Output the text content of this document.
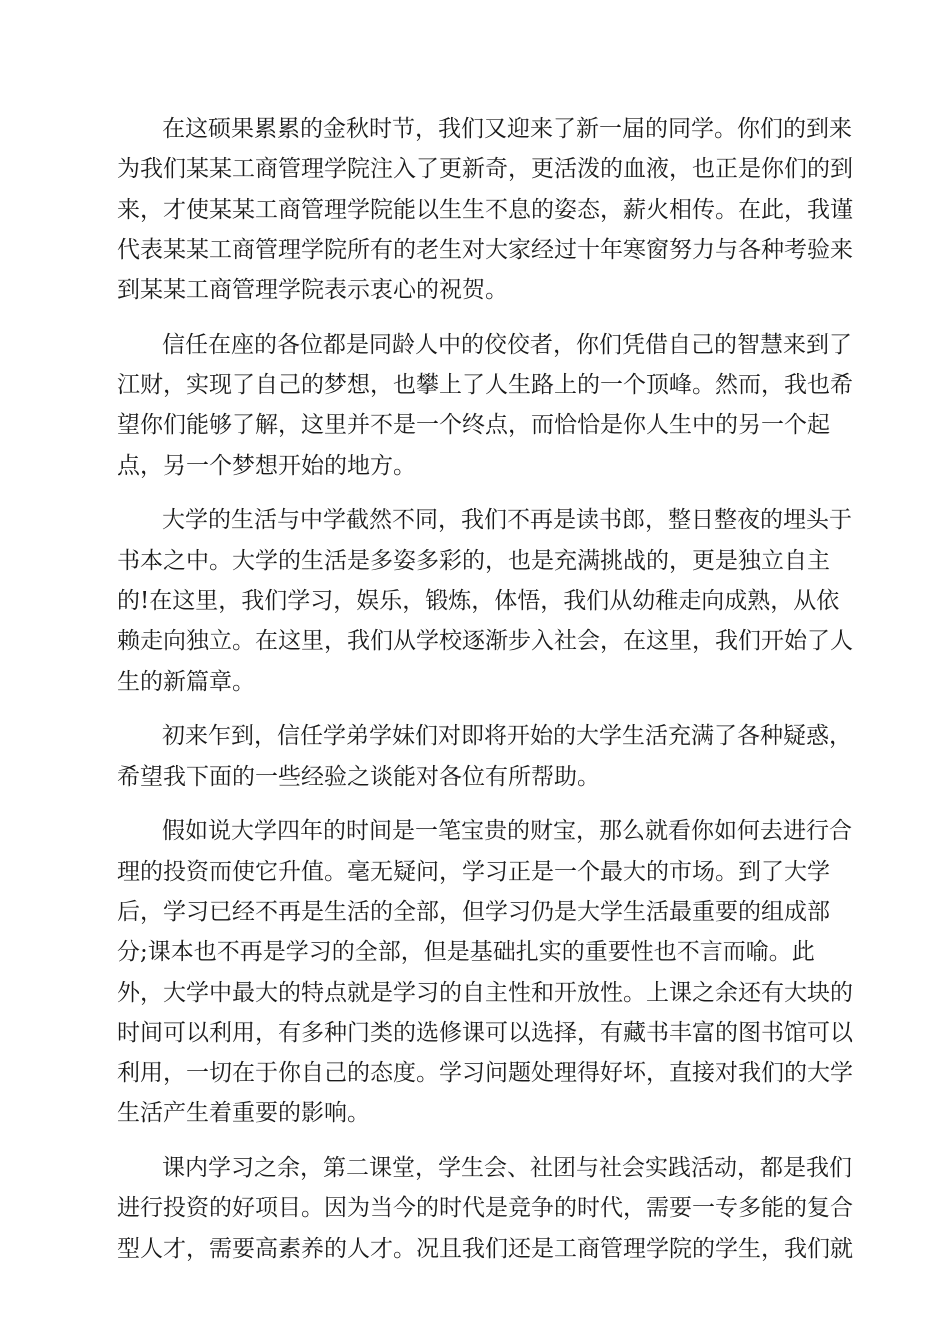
在这硕果累累的金秋时节，我们又迎来了新一届的同学。你们的到来
为我们某某工商管理学院注入了更新奇，更活泼的血液，也正是你们的到
来，才使某某工商管理学院能以生生不息的姿态，薪火相传。在此，我谨
代表某某工商管理学院所有的老生对大家经过十年寒窗努力与各种考验来
到某某工商管理学院表示衷心的祝贺。
信任在座的各位都是同龄人中的佼佼者，你们凭借自己的智慧来到了
江财，实现了自己的梦想，也攀上了人生路上的一个顶峰。然而，我也希
望你们能够了解，这里并不是一个终点，而恰恰是你人生中的另一个起
点，另一个梦想开始的地方。
大学的生活与中学截然不同，我们不再是读书郎，整日整夜的埋头于
书本之中。大学的生活是多姿多彩的，也是充满挑战的，更是独立自主
的!在这里，我们学习，娱乐，锻炼，体悟，我们从幼稚走向成熟，从依
赖走向独立。在这里，我们从学校逐渐步入社会，在这里，我们开始了人
生的新篇章。
初来乍到，信任学弟学妹们对即将开始的大学生活充满了各种疑惑，
希望我下面的一些经验之谈能对各位有所帮助。
假如说大学四年的时间是一笔宝贵的财宝，那么就看你如何去进行合
理的投资而使它升值。毫无疑问，学习正是一个最大的市场。到了大学
后，学习已经不再是生活的全部，但学习仍是大学生活最重要的组成部
分;课本也不再是学习的全部，但是基础扎实的重要性也不言而喻。此
外，大学中最大的特点就是学习的自主性和开放性。上课之余还有大块的
时间可以利用，有多种门类的选修课可以选择，有藏书丰富的图书馆可以
利用，一切在于你自己的态度。学习问题处理得好坏，直接对我们的大学
生活产生着重要的影响。
课内学习之余，第二课堂，学生会、社团与社会实践活动，都是我们
进行投资的好项目。因为当今的时代是竞争的时代，需要一专多能的复合
型人才，需要高素养的人才。况且我们还是工商管理学院的学生，我们就
